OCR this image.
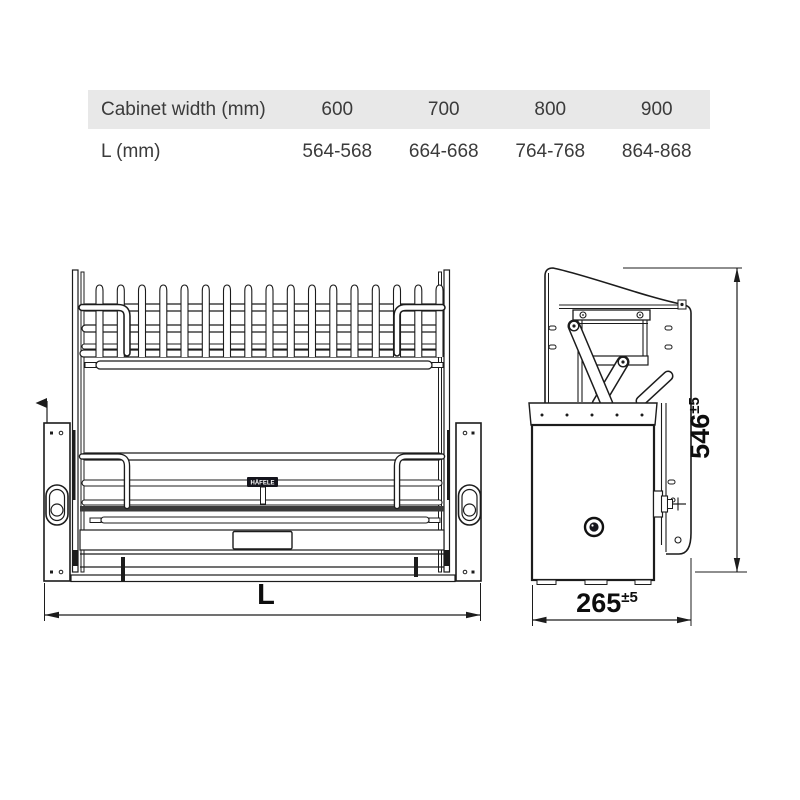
Cabinet width (mm)	600	700	800	900
L (mm)	564-568	664-668	764-768	864-868
HÄFELE
L
$546^{\pm 5}$
$265^{\pm 5}$
